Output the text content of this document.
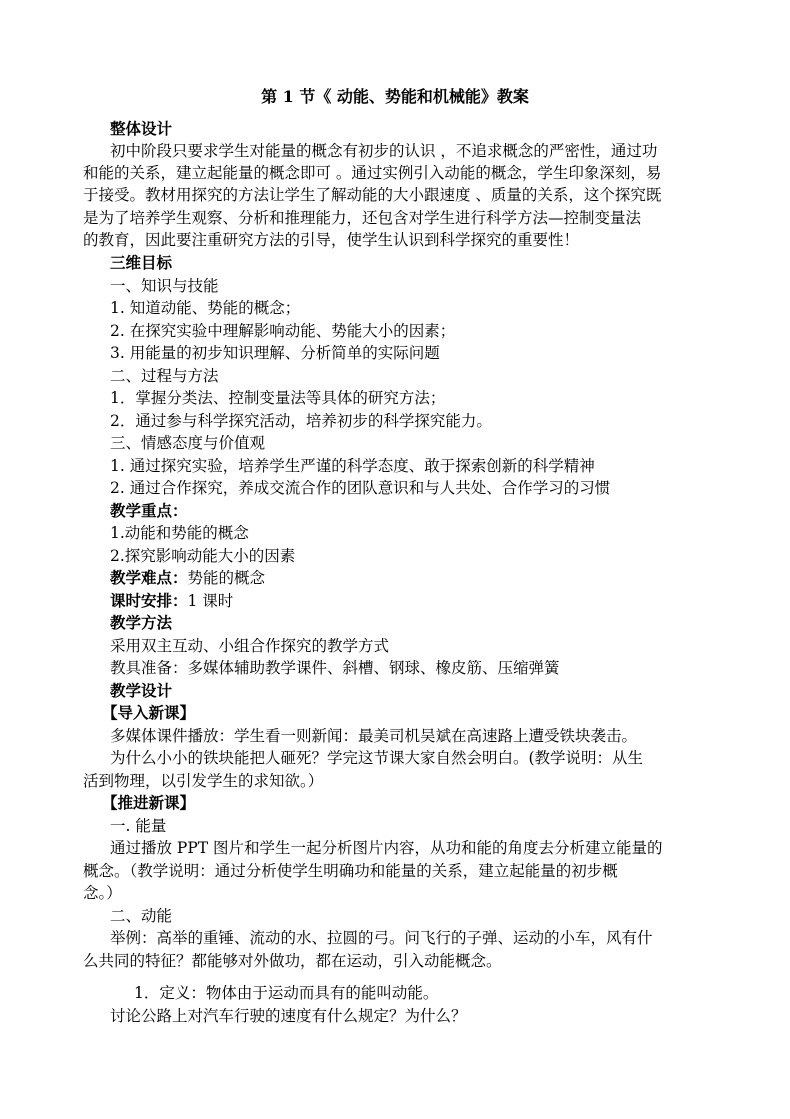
第 1 节《 动能、势能和机械能》教案
整体设计
初中阶段只要求学生对能量的概念有初步的认识 ，不追求概念的严密性，通过功
和能的关系，建立起能量的概念即可 。通过实例引入动能的概念，学生印象深刻，易
于接受。教材用探究的方法让学生了解动能的大小跟速度 、质量的关系，这个探究既
是为了培养学生观察、分析和推理能力，还包含对学生进行科学方法—控制变量法
的教育，因此要注重研究方法的引导，使学生认识到科学探究的重要性！
三维目标
一、知识与技能
1. 知道动能、势能的概念；
2. 在探究实验中理解影响动能、势能大小的因素；
3. 用能量的初步知识理解、分析简单的实际问题
二、过程与方法
1．掌握分类法、控制变量法等具体的研究方法；
2．通过参与科学探究活动，培养初步的科学探究能力。
三、情感态度与价值观
1. 通过探究实验，培养学生严谨的科学态度、敢于探索创新的科学精神
2. 通过合作探究，养成交流合作的团队意识和与人共处、合作学习的习惯
教学重点：
1.动能和势能的概念
2.探究影响动能大小的因素
教学难点：势能的概念
课时安排：1 课时
教学方法
采用双主互动、小组合作探究的教学方式
教具准备：多媒体辅助教学课件、斜槽、钢球、橡皮筋、压缩弹簧
教学设计
【导入新课】
多媒体课件播放：学生看一则新闻：最美司机吴斌在高速路上遭受铁块袭击。
为什么小小的铁块能把人砸死？学完这节课大家自然会明白。(教学说明：从生
活到物理，以引发学生的求知欲。）
【推进新课】
一. 能量
通过播放 PPT 图片和学生一起分析图片内容，从功和能的角度去分析建立能量的
概念。（教学说明：通过分析使学生明确功和能量的关系，建立起能量的初步概
念。）
二、动能
举例：高举的重锤、流动的水、拉圆的弓。问飞行的子弹、运动的小车，风有什
么共同的特征？都能够对外做功，都在运动，引入动能概念。
1．定义：物体由于运动而具有的能叫动能。
讨论公路上对汽车行驶的速度有什么规定？为什么？
